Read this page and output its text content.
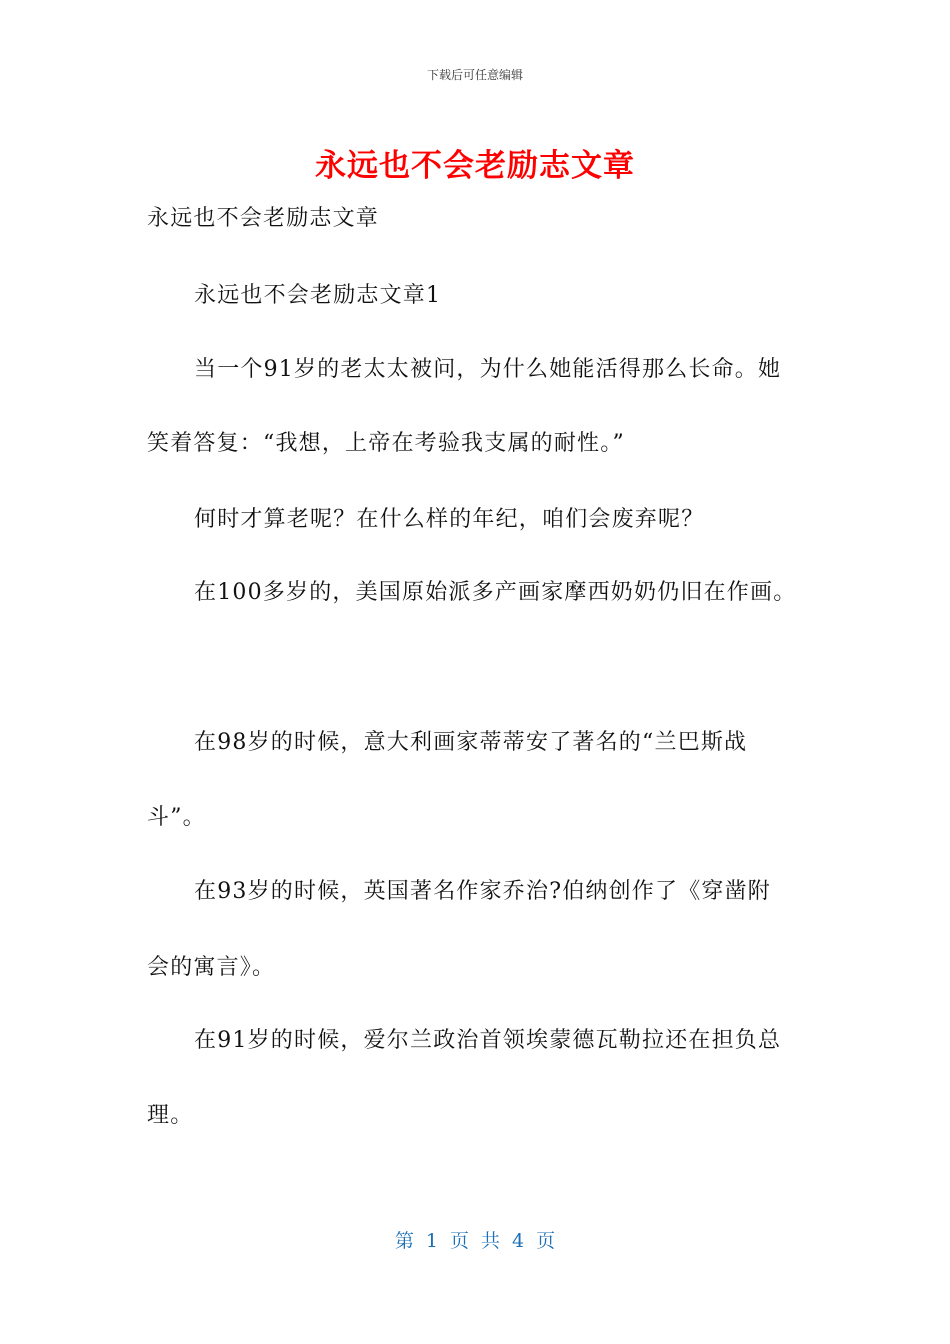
下载后可任意编辑
永远也不会老励志文章
永远也不会老励志文章
永远也不会老励志文章1
当一个91岁的老太太被问，为什么她能活得那么长命。她
笑着答复：“我想，上帝在考验我支属的耐性。”
何时才算老呢？在什么样的年纪，咱们会废弃呢？
在100多岁的，美国原始派多产画家摩西奶奶仍旧在作画。
在98岁的时候，意大利画家蒂蒂安了著名的“兰巴斯战
斗”。
在93岁的时候，英国著名作家乔治?伯纳创作了《穿凿附
会的寓言》。
在91岁的时候，爱尔兰政治首领埃蒙德瓦勒拉还在担负总
理。
第 1 页 共 4 页
